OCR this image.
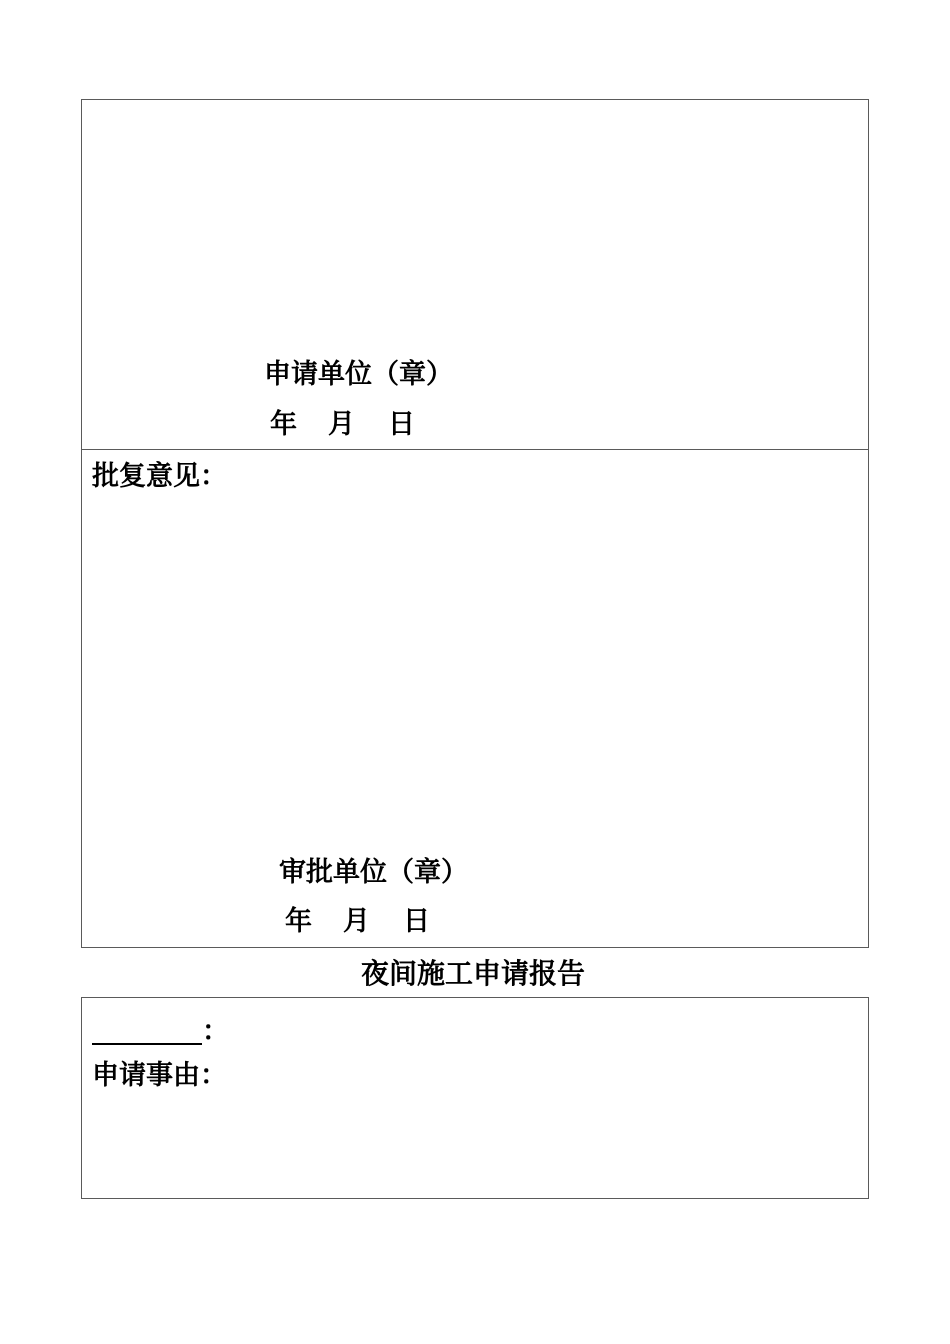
申请单位（章）
年 月 日
批复意见：
审批单位（章）
年 月 日
夜间施工申请报告
：
申请事由：
